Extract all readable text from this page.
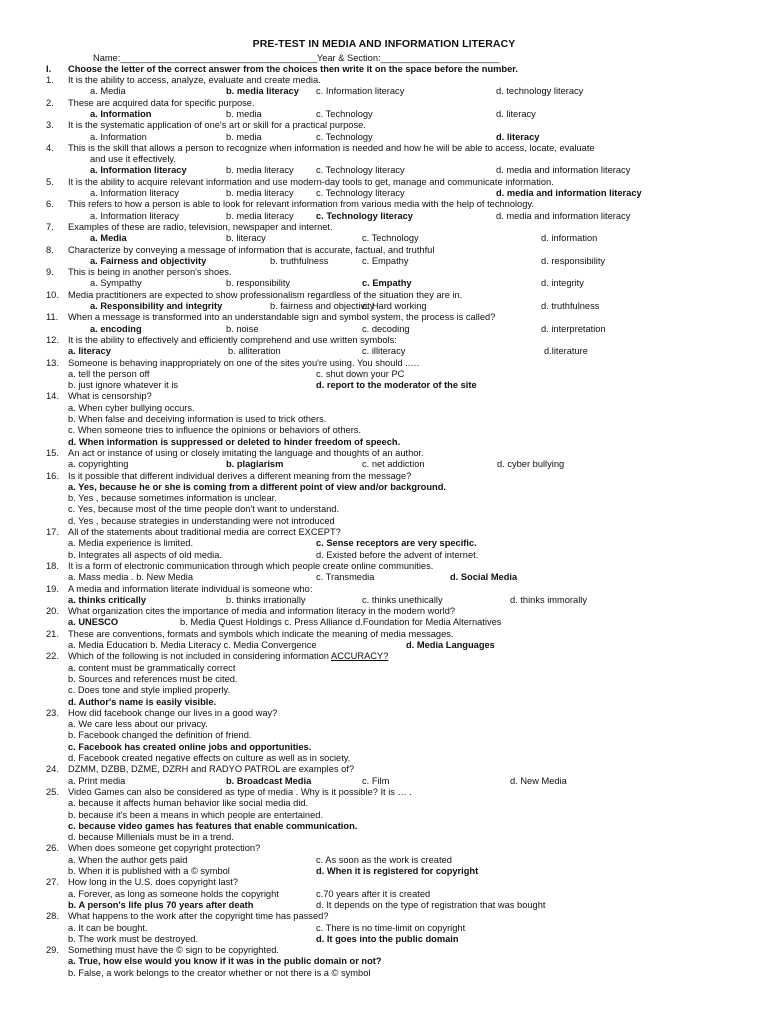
PRE-TEST IN MEDIA AND INFORMATION LITERACY
Name:______________________________________Year & Section:_______________________
I. Choose the letter of the correct answer from the choices then write it on the space before the number.
1. It is the ability to access, analyze, evaluate and create media.
a. Media	b. media literacy c. Information literacy	d. technology literacy
2. These are acquired data for specific purpose.
a. Information	b. media	c. Technology	d. literacy
3. It is the systematic application of one's art or skill for a practical purpose.
a. Information	b. media	c. Technology	d. literacy
4. This is the skill that allows a person to recognize when information is needed and how he will be able to access, locate, evaluate
and use it effectively.
a. Information literacy	b. media literacy c. Technology literacy	d. media and information literacy
5. It is the ability to acquire relevant information and use modern-day tools to get, manage and communicate information.
a. Information literacy	b. media literacy c. Technology literacy	d. media and information literacy
6. This refers to how a person is able to look for relevant information from various media with the help of technology.
a. Information literacy	b. media literacy c. Technology literacy	d. media and information literacy
7. Examples of these are radio, television, newspaper and internet.
a. Media	b. literacy	c. Technology	d. information
8. Characterize by conveying a message of information that is accurate, factual, and truthful
a. Fairness and objectivity	b. truthfulness	c. Empathy	d. responsibility
9. This is being in another person's shoes.
a. Sympathy	b. responsibility	c. Empathy	d. integrity
10. Media practitioners are expected to show professionalism regardless of the situation they are in.
a. Responsibility and integrity	b. fairness and objectivity
c. Hard working	d. truthfulness
11. When a message is transformed into an understandable sign and symbol system, the process is called?
a. encoding	b. noise	c. decoding	d. interpretation
12. It is the ability to effectively and efficiently comprehend and use written symbols:
a. literacy	b. alliteration	c. illiteracy	d.literature
13. Someone is behaving inappropriately on one of the sites you're using. You should ..…
a. tell the person off	c. shut down your PC
b. just ignore whatever it is	d. report to the moderator of the site
14. What is censorship?
a. When cyber bullying occurs.
b. When false and deceiving information is used to trick others.
c. When someone tries to influence the opinions or behaviors of others.
d. When information is suppressed or deleted to hinder freedom of speech.
15. An act or instance of using or closely imitating the language and thoughts of an author.
a. copyrighting	b. plagiarism	c. net addiction	d. cyber bullying
16. Is it possible that different individual derives a different meaning from the message?
a. Yes, because he or she is coming from a different point of view and/or background.
b. Yes , because sometimes information is unclear.
c. Yes, because most of the time people don't want to understand.
d. Yes , because strategies in understanding were not introduced
17. All of the statements about traditional media are correct EXCEPT?
a. Media experience is limited.	c. Sense receptors are very specific.
b. Integrates all aspects of old media.	d. Existed before the advent of internet.
18. It is a form of electronic communication through which people create online communities.
a. Mass media . b. New Media	c. Transmedia	d. Social Media
19. A media and information literate individual is someone who:
a. thinks critically	b. thinks irrationally	c. thinks unethically	d. thinks immorally
20. What organization cites the importance of media and information literacy in the modern world?
a. UNESCO	b. Media Quest Holdings c. Press Alliance d.Foundation for Media Alternatives
21. These are conventions, formats and symbols which indicate the meaning of media messages.
a. Media Education b. Media Literacy c. Media Convergence	d. Media Languages
22. Which of the following is not included in considering information ACCURACY?
a. content must be grammatically correct
b. Sources and references must be cited.
c. Does tone and style implied properly.
d. Author's name is easily visible.
23. How did facebook change our lives in a good way?
a. We care less about our privacy.
b. Facebook changed the definition of friend.
c. Facebook has created online jobs and opportunities.
d. Facebook created negative effects on culture as well as in society.
24. DZMM, DZBB, DZME, DZRH and RADYO PATROL are examples of?
a. Print media	b. Broadcast Media	c. Film	d. New Media
25. Video Games can also be considered as type of media . Why is it possible? It is … .
a. because it affects human behavior like social media did.
b. because it's been a means in which people are entertained.
c. because video games has features that enable communication.
d. because Millenials must be in a trend.
26. When does someone get copyright protection?
a. When the author gets paid	c. As soon as the work is created
b. When it is published with a © symbol	d. When it is registered for copyright
27. How long in the U.S. does copyright last?
a. Forever, as long as someone holds the copyright	c.70 years after it is created
b. A person's life plus 70 years after death	d. It depends on the type of registration that was bought
28. What happens to the work after the copyright time has passed?
a. It can be bought.	c. There is no time-limit on copyright
b. The work must be destroyed.	d. It goes into the public domain
29. Something must have the © sign to be copyrighted.
a. True, how else would you know if it was in the public domain or not?
b. False, a work belongs to the creator whether or not there is a © symbol
